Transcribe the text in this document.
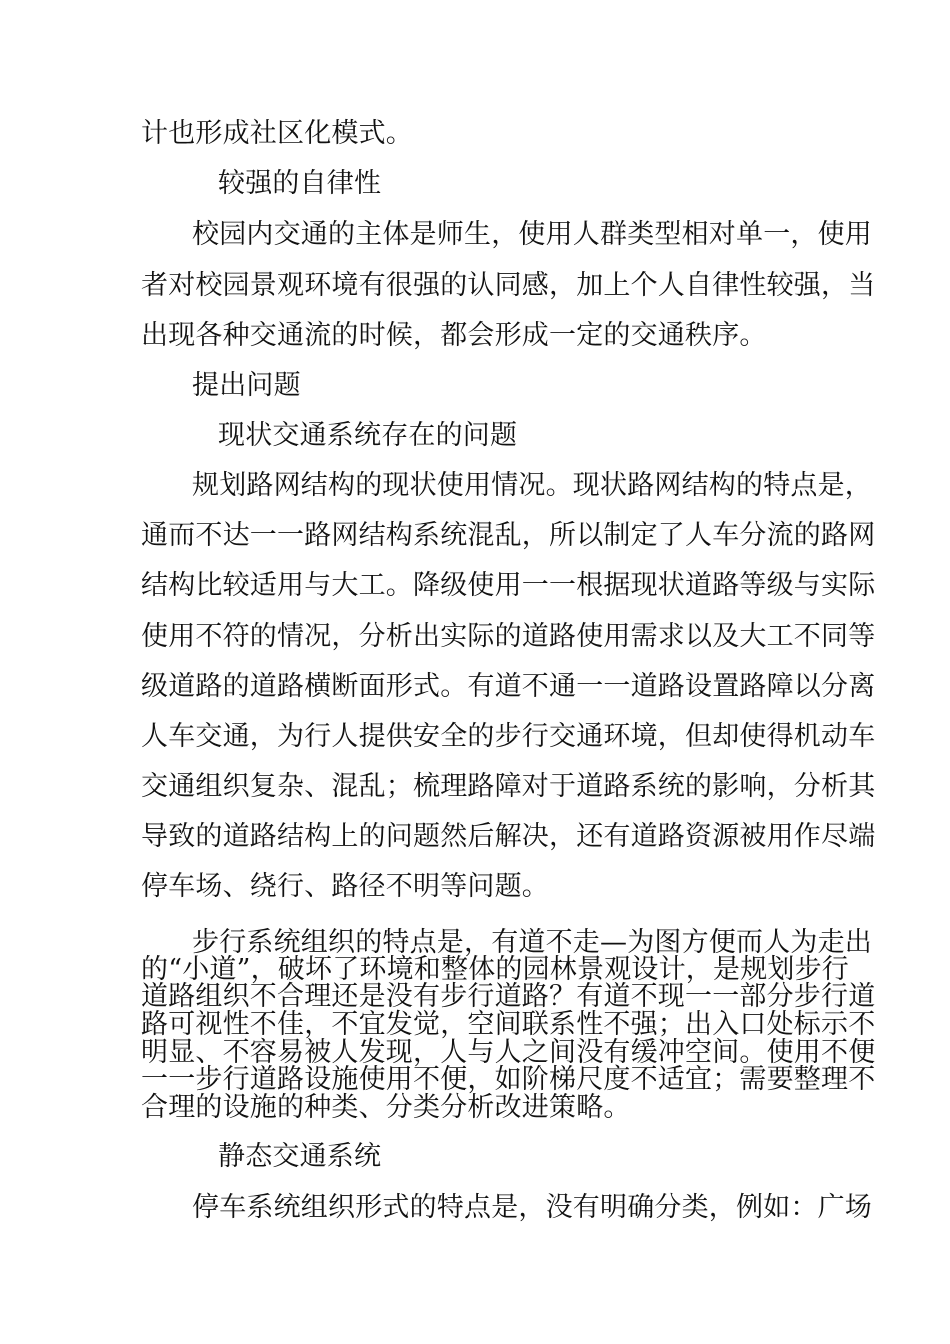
计也形成社区化模式。
较强的自律性
校园内交通的主体是师生，使用人群类型相对单一，使用
者对校园景观环境有很强的认同感，加上个人自律性较强，当
出现各种交通流的时候，都会形成一定的交通秩序。
提出问题
现状交通系统存在的问题
规划路网结构的现状使用情况。现状路网结构的特点是，
通而不达一一路网结构系统混乱，所以制定了人车分流的路网
结构比较适用与大工。降级使用一一根据现状道路等级与实际
使用不符的情况，分析出实际的道路使用需求以及大工不同等
级道路的道路横断面形式。有道不通一一道路设置路障以分离
人车交通，为行人提供安全的步行交通环境，但却使得机动车
交通组织复杂、混乱；梳理路障对于道路系统的影响，分析其
导致的道路结构上的问题然后解决，还有道路资源被用作尽端
停车场、绕行、路径不明等问题。
步行系统组织的特点是，有道不走—为图方便而人为走出
的“小道”，破坏了环境和整体的园林景观设计，是规划步行
道路组织不合理还是没有步行道路？有道不现一一部分步行道
路可视性不佳，不宜发觉，空间联系性不强；出入口处标示不
明显、不容易被人发现，人与人之间没有缓冲空间。使用不便
一一步行道路设施使用不便，如阶梯尺度不适宜；需要整理不
合理的设施的种类、分类分析改进策略。
静态交通系统
停车系统组织形式的特点是，没有明确分类，例如：广场
